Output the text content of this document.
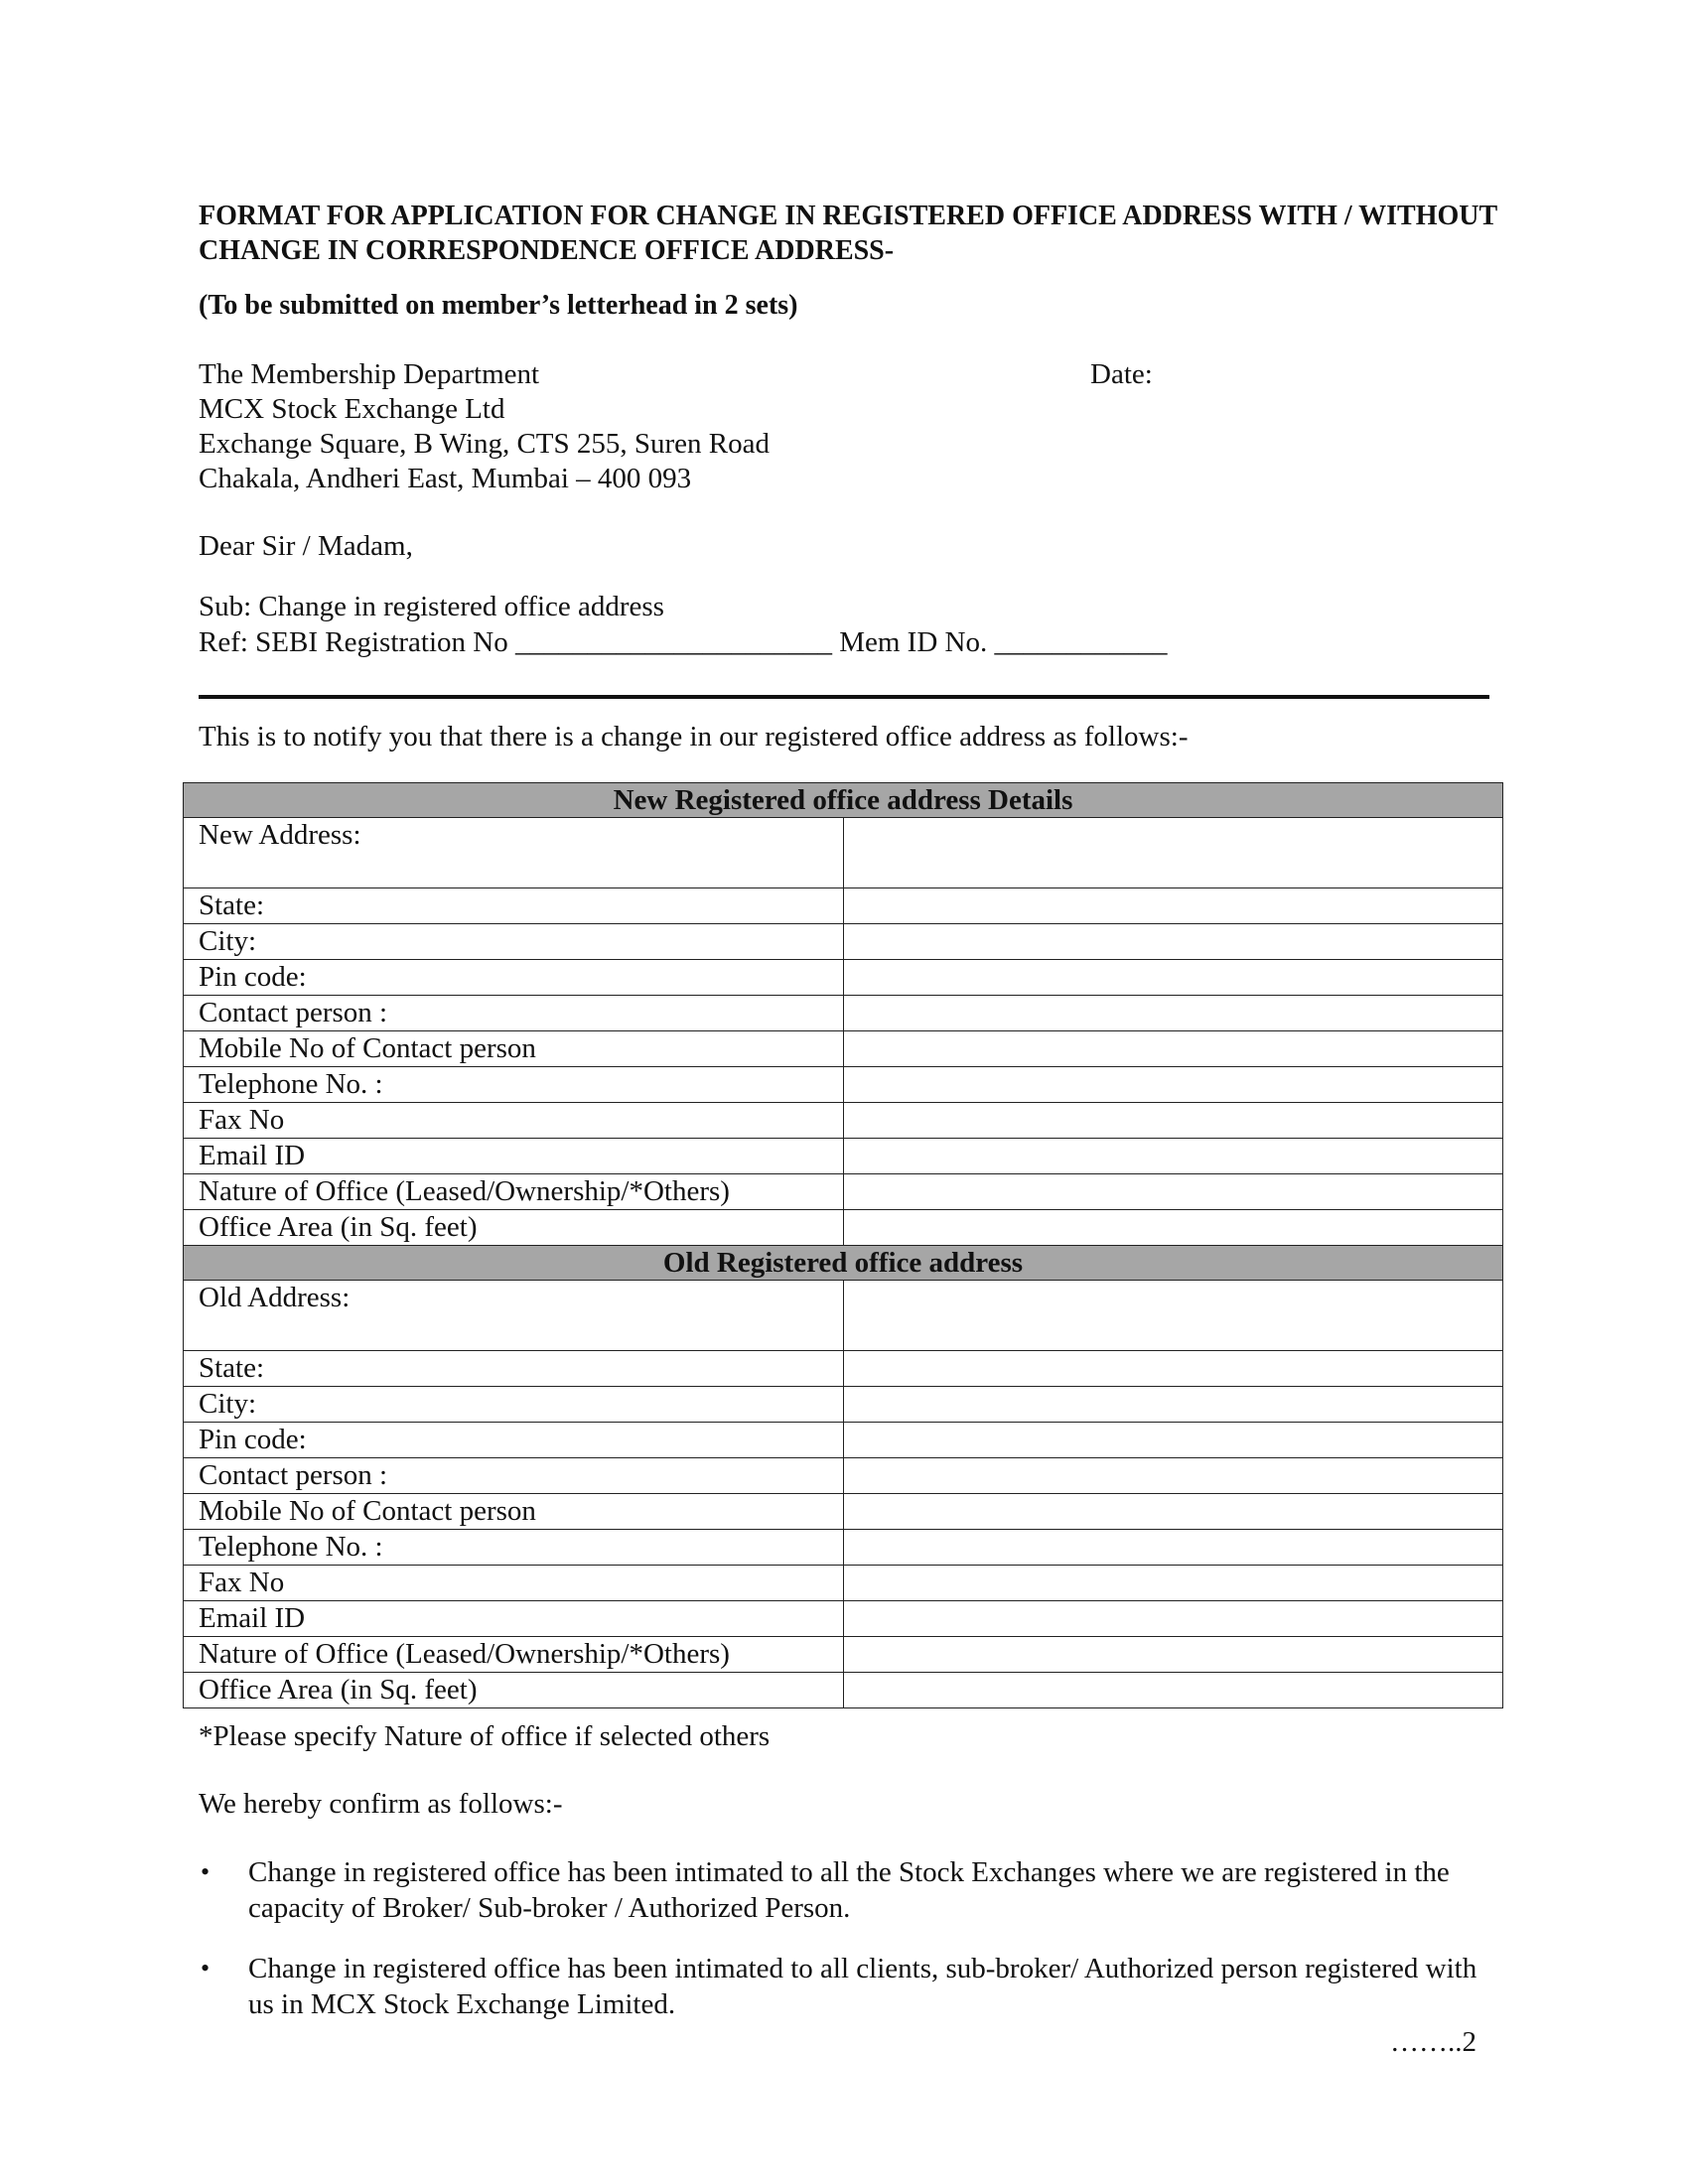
FORMAT FOR APPLICATION FOR CHANGE IN REGISTERED OFFICE ADDRESS WITH / WITHOUT CHANGE IN CORRESPONDENCE OFFICE ADDRESS-
(To be submitted on member’s letterhead in 2 sets)
The Membership Department
MCX Stock Exchange Ltd
Exchange Square, B Wing, CTS 255, Suren Road
Chakala, Andheri East, Mumbai – 400 093
Date:
Dear Sir / Madam,
Sub: Change in registered office address
Ref: SEBI Registration No ______________________ Mem ID No. ____________
This is to notify you that there is a change in our registered office address as follows:-
New Registered office address Details	
New Address:	
State:	
City:	
Pin code:	
Contact person :	
Mobile No of Contact person	
Telephone No. :	
Fax No	
Email ID	
Nature of Office (Leased/Ownership/*Others)	
Office Area (in Sq. feet)	
Old Registered office address	
Old Address:	
State:	
City:	
Pin code:	
Contact person :	
Mobile No of Contact person	
Telephone No. :	
Fax No	
Email ID	
Nature of Office (Leased/Ownership/*Others)	
Office Area (in Sq. feet)	
*Please specify Nature of office if selected others
We hereby confirm as follows:-
• Change in registered office has been intimated to all the Stock Exchanges where we are registered in the capacity of Broker/ Sub-broker / Authorized Person.
• Change in registered office has been intimated to all clients, sub-broker/ Authorized person registered with us in MCX Stock Exchange Limited.
……..2
